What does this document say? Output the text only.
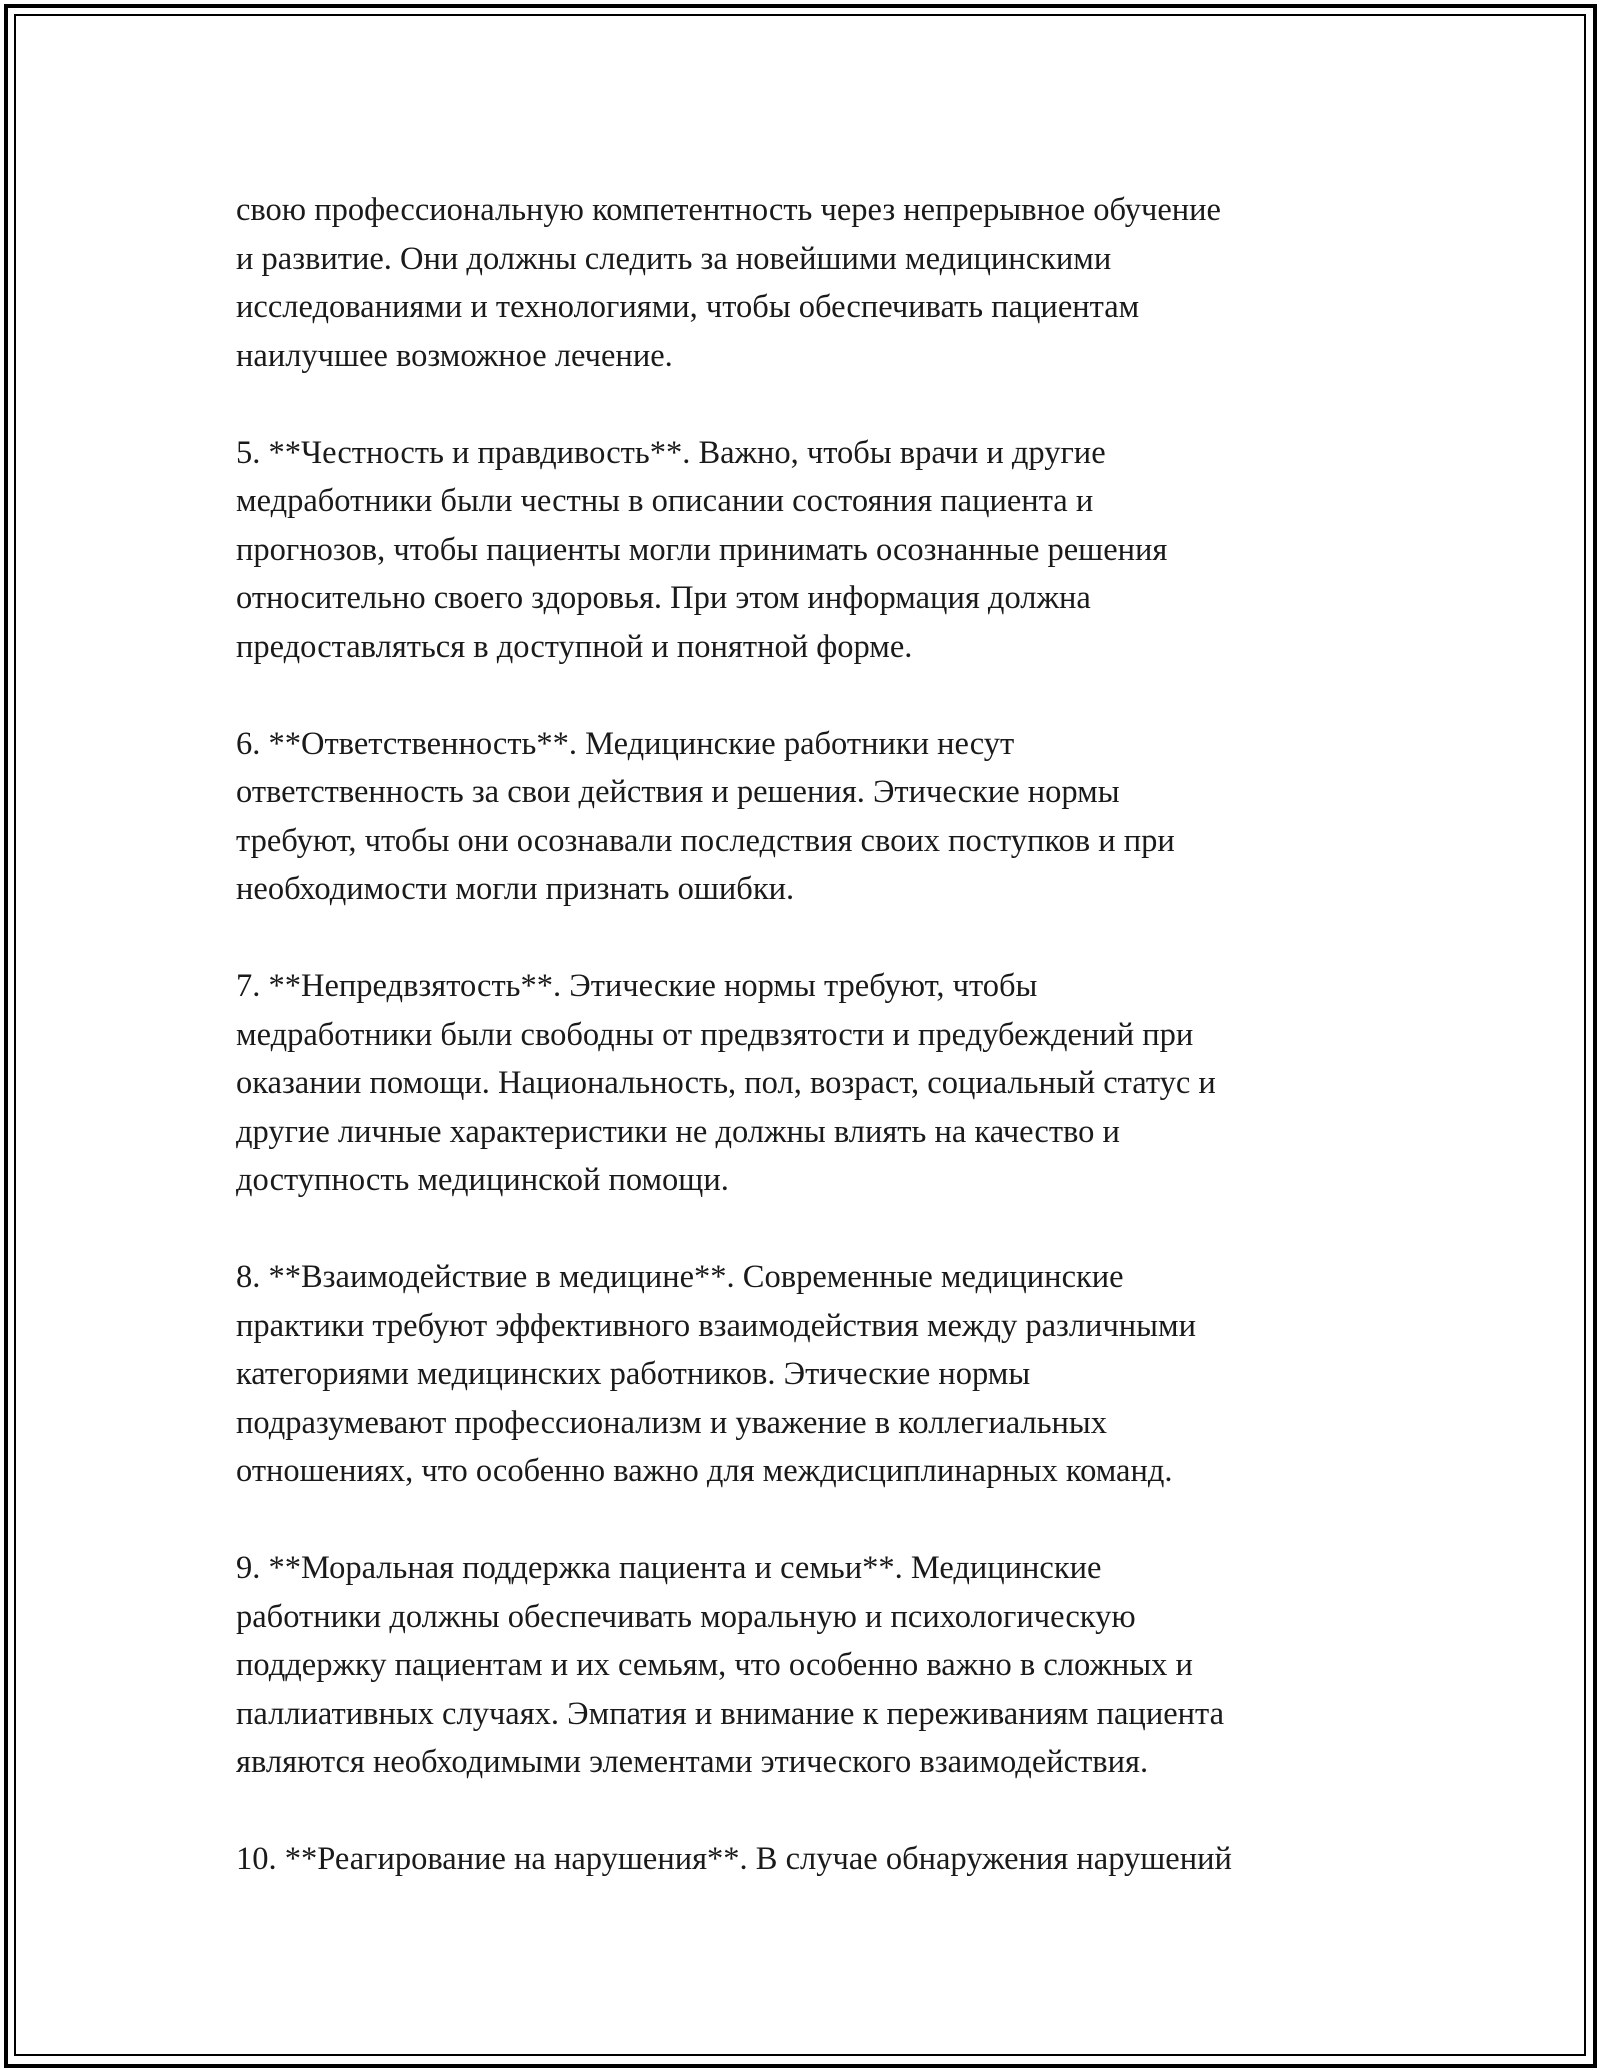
свою профессиональную компетентность через непрерывное обучение
и развитие. Они должны следить за новейшими медицинскими
исследованиями и технологиями, чтобы обеспечивать пациентам
наилучшее возможное лечение.
5. **Честность и правдивость**. Важно, чтобы врачи и другие
медработники были честны в описании состояния пациента и
прогнозов, чтобы пациенты могли принимать осознанные решения
относительно своего здоровья. При этом информация должна
предоставляться в доступной и понятной форме.
6. **Ответственность**. Медицинские работники несут
ответственность за свои действия и решения. Этические нормы
требуют, чтобы они осознавали последствия своих поступков и при
необходимости могли признать ошибки.
7. **Непредвзятость**. Этические нормы требуют, чтобы
медработники были свободны от предвзятости и предубеждений при
оказании помощи. Национальность, пол, возраст, социальный статус и
другие личные характеристики не должны влиять на качество и
доступность медицинской помощи.
8. **Взаимодействие в медицине**. Современные медицинские
практики требуют эффективного взаимодействия между различными
категориями медицинских работников. Этические нормы
подразумевают профессионализм и уважение в коллегиальных
отношениях, что особенно важно для междисциплинарных команд.
9. **Моральная поддержка пациента и семьи**. Медицинские
работники должны обеспечивать моральную и психологическую
поддержку пациентам и их семьям, что особенно важно в сложных и
паллиативных случаях. Эмпатия и внимание к переживаниям пациента
являются необходимыми элементами этического взаимодействия.
10. **Реагирование на нарушения**. В случае обнаружения нарушений
